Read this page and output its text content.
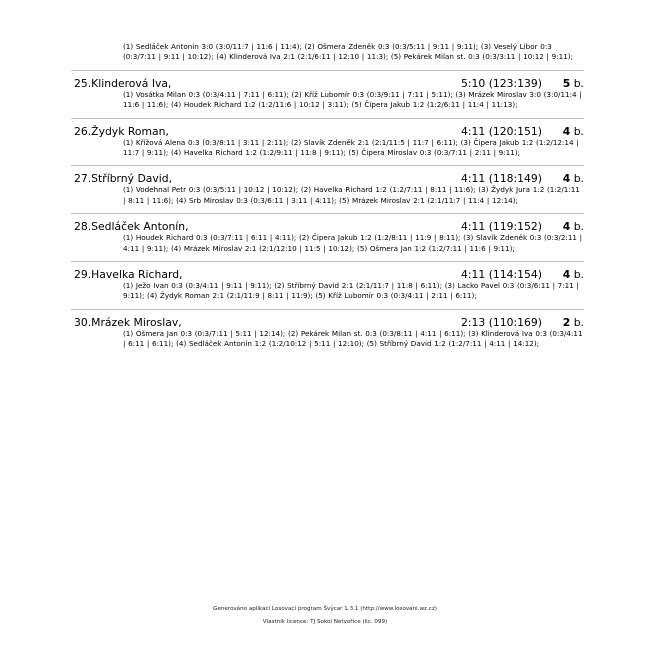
(1) Sedláček Antonín 3:0 (3:0/11:7 | 11:6 | 11:4); (2) Ošmera Zdeněk 0:3 (0:3/5:11 | 9:11 | 9:11); (3) Veselý Libor 0:3 (0:3/7:11 | 9:11 | 10:12); (4) Klinderová Iva 2:1 (2:1/6:11 | 12:10 | 11:3); (5) Pekárek Milan st. 0:3 (0:3/3:11 | 10:12 | 9:11);
25.Klinderová Iva,	5:10 (123:139)	5 b.
(1) Vosátka Milan 0:3 (0:3/4:11 | 7:11 | 6:11); (2) Kříž Lubomír 0:3 (0:3/9:11 | 7:11 | 5:11); (3) Mrázek Miroslav 3:0 (3:0/11:4 | 11:6 | 11:6); (4) Houdek Richard 1:2 (1:2/11:6 | 10:12 | 3:11); (5) Čipera Jakub 1:2 (1:2/6:11 | 11:4 | 11:13);
26.Žydyk Roman,	4:11 (120:151)	4 b.
(1) Křížová Alena 0:3 (0:3/8:11 | 3:11 | 2:11); (2) Slavík Zdeněk 2:1 (2:1/11:5 | 11:7 | 6:11); (3) Čipera Jakub 1:2 (1:2/12:14 | 11:7 | 9:11); (4) Havelka Richard 1:2 (1:2/9:11 | 11:8 | 9:11); (5) Čipera Miroslav 0:3 (0:3/7:11 | 2:11 | 9:11);
27.Stříbrný David,	4:11 (118:149)	4 b.
(1) Vodehnal Petr 0:3 (0:3/5:11 | 10:12 | 10:12); (2) Havelka Richard 1:2 (1:2/7:11 | 8:11 | 11:6); (3) Žydyk Jura 1:2 (1:2/1:11 | 8:11 | 11:6); (4) Srb Miroslav 0:3 (0:3/6:11 | 3:11 | 4:11); (5) Mrázek Miroslav 2:1 (2:1/11:7 | 11:4 | 12:14);
28.Sedláček Antonín,	4:11 (119:152)	4 b.
(1) Houdek Richard 0:3 (0:3/7:11 | 6:11 | 4:11); (2) Čipera Jakub 1:2 (1:2/8:11 | 11:9 | 8:11); (3) Slavík Zdeněk 0:3 (0:3/2:11 | 4:11 | 9:11); (4) Mrázek Miroslav 2:1 (2:1/12:10 | 11:5 | 10:12); (5) Ošmera Jan 1:2 (1:2/7:11 | 11:6 | 9:11);
29.Havelka Richard,	4:11 (114:154)	4 b.
(1) Ježo Ivan 0:3 (0:3/4:11 | 9:11 | 9:11); (2) Stříbrný David 2:1 (2:1/11:7 | 11:8 | 6:11); (3) Lacko Pavel 0:3 (0:3/6:11 | 7:11 | 9:11); (4) Žydyk Roman 2:1 (2:1/11:9 | 8:11 | 11:9); (5) Kříž Lubomír 0:3 (0:3/4:11 | 2:11 | 6:11);
30.Mrázek Miroslav,	2:13 (110:169)	2 b.
(1) Ošmera Jan 0:3 (0:3/7:11 | 5:11 | 12:14); (2) Pekárek Milan st. 0:3 (0:3/8:11 | 4:11 | 6:11); (3) Klinderová Iva 0:3 (0:3/4:11 | 6:11 | 6:11); (4) Sedláček Antonín 1:2 (1:2/10:12 | 5:11 | 12:10); (5) Stříbrný David 1:2 (1:2/7:11 | 4:11 | 14:12);
Generováno aplikací Losovací program Švýcar 1.3.1 (http://www.losovani.wz.cz)
Vlastník licence: TJ Sokol Netvořice (lic. 099)
